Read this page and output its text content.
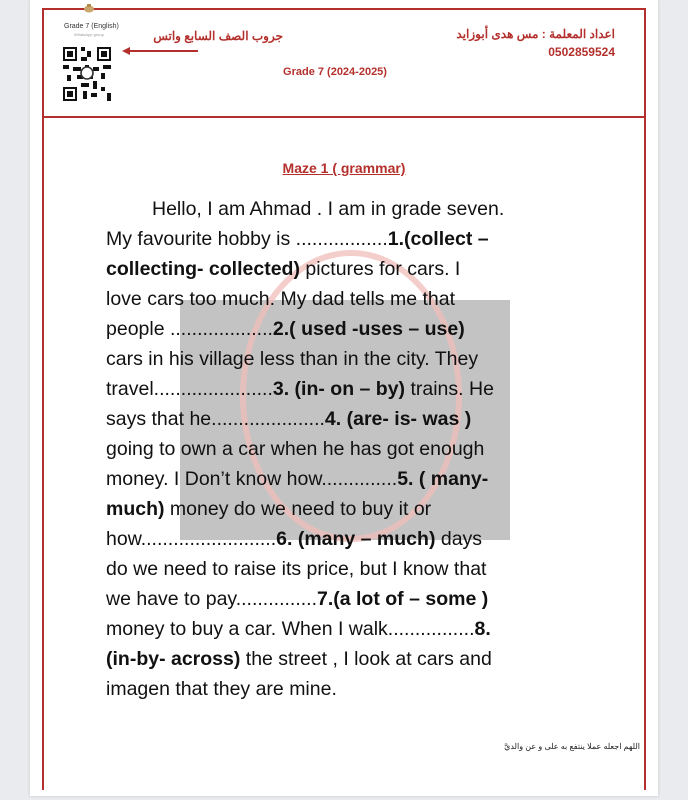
Grade 7 (English)
WhatsApp group	جروب الصف السابع واتس	اعداد المعلمة : مس هدى أبوزايد
0502859524
Grade 7 (2024-2025)
Maze 1 ( grammar)

Hello, I am Ahmad . I am in grade seven.

My favourite hobby is .................1.(collect –

collecting- collected) pictures for cars. I

love cars too much. My dad tells me that

people ...................2.( used -uses – use)

cars in his village less than in the city. They

travel......................3. (in- on – by) trains. He

says that he.....................4. (are- is- was )

going to own a car when he has got enough

money. I Don’t know how..............5. ( many-

much) money do we need to buy it or

how.........................6. (many – much) days

do we need to raise its price, but I know that

we have to pay...............7.(a lot of – some )

money to buy a car. When I walk................8.

(in-by- across) the street , I look at cars and

imagen that they are mine.

اللهم اجعله عملا ينتفع به على و عن والديَّ
